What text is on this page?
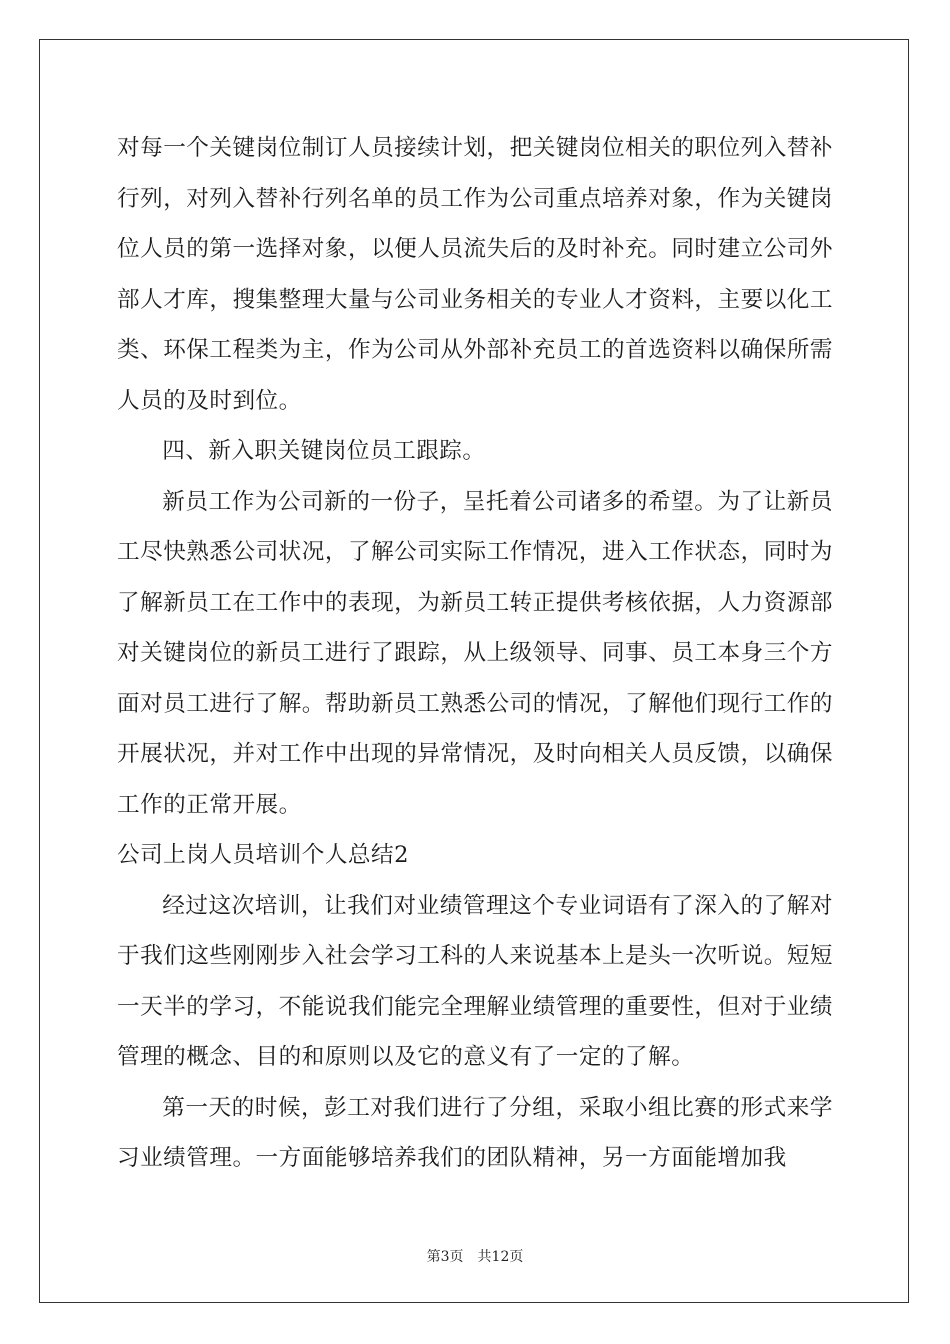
对每一个关键岗位制订人员接续计划，把关键岗位相关的职位列入替补行列，对列入替补行列名单的员工作为公司重点培养对象，作为关键岗位人员的第一选择对象，以便人员流失后的及时补充。同时建立公司外部人才库，搜集整理大量与公司业务相关的专业人才资料，主要以化工类、环保工程类为主，作为公司从外部补充员工的首选资料以确保所需人员的及时到位。

四、新入职关键岗位员工跟踪。

新员工作为公司新的一份子，呈托着公司诸多的希望。为了让新员工尽快熟悉公司状况，了解公司实际工作情况，进入工作状态，同时为了解新员工在工作中的表现，为新员工转正提供考核依据，人力资源部对关键岗位的新员工进行了跟踪，从上级领导、同事、员工本身三个方面对员工进行了解。帮助新员工熟悉公司的情况，了解他们现行工作的开展状况，并对工作中出现的异常情况，及时向相关人员反馈，以确保工作的正常开展。

公司上岗人员培训个人总结2

经过这次培训，让我们对业绩管理这个专业词语有了深入的了解对于我们这些刚刚步入社会学习工科的人来说基本上是头一次听说。短短一天半的学习，不能说我们能完全理解业绩管理的重要性，但对于业绩管理的概念、目的和原则以及它的意义有了一定的了解。

第一天的时候，彭工对我们进行了分组，采取小组比赛的形式来学习业绩管理。一方面能够培养我们的团队精神，另一方面能增加我

第3页 共12页
